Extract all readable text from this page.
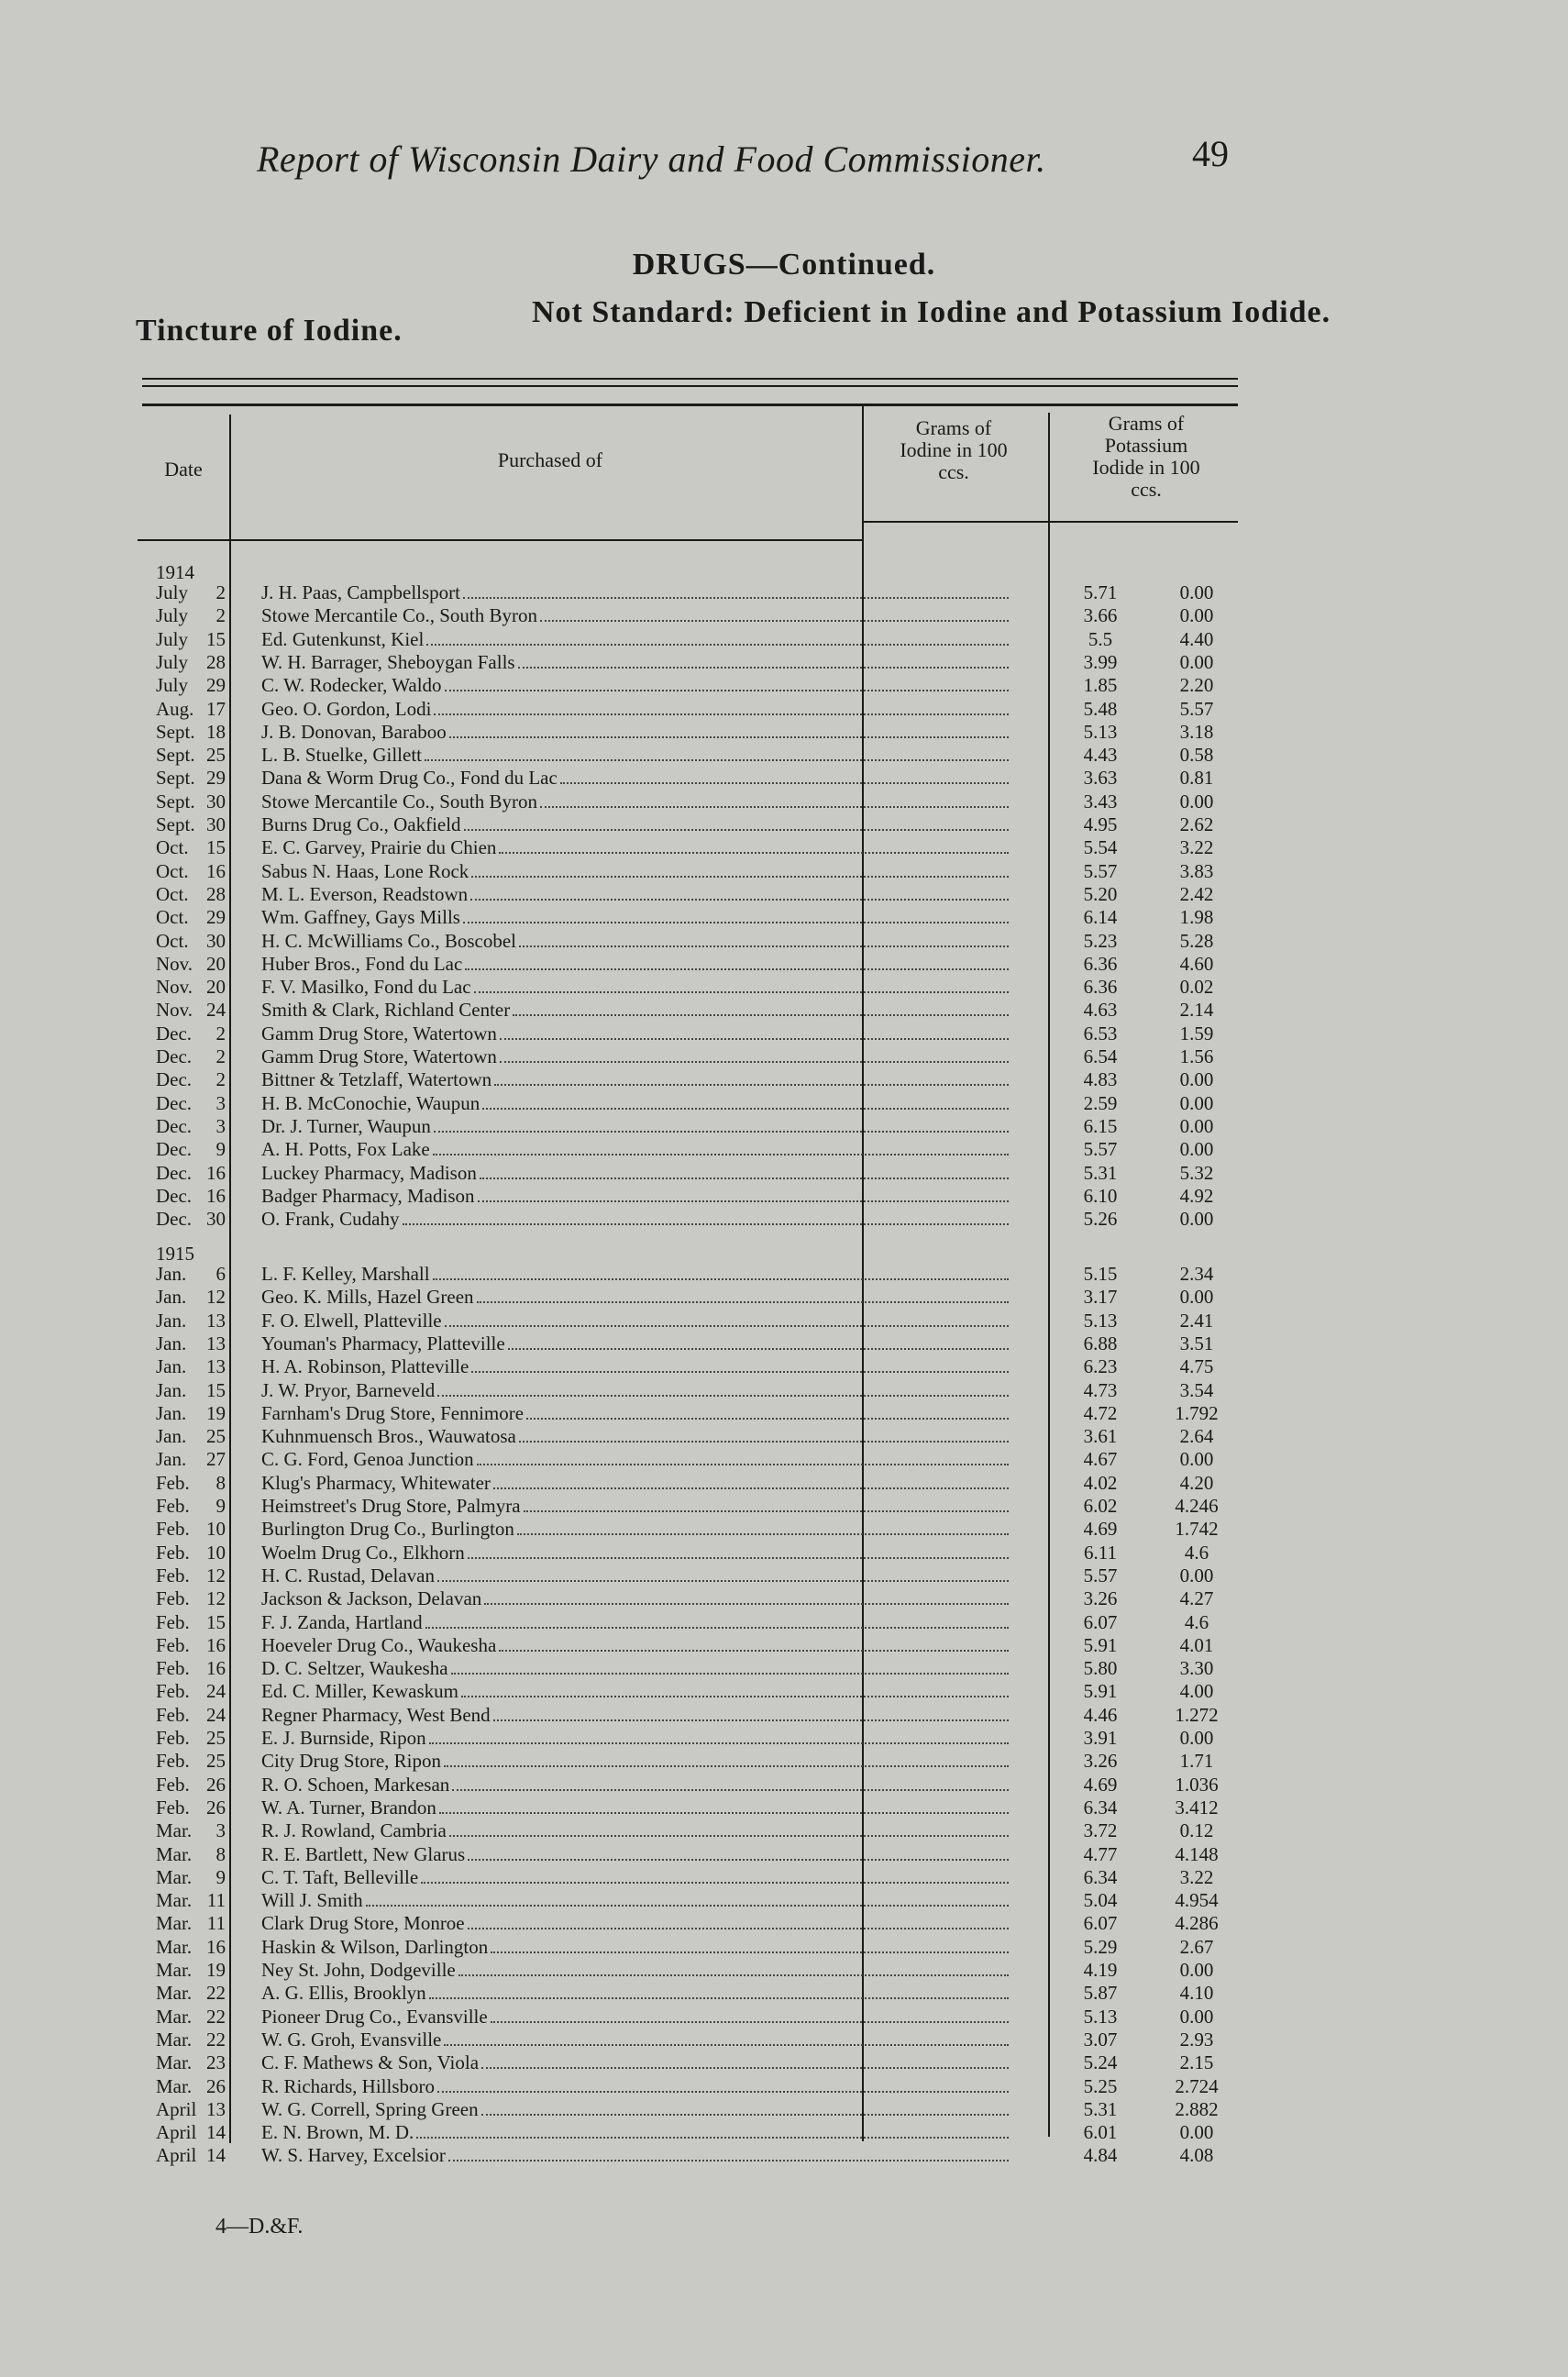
Report of Wisconsin Dairy and Food Commissioner.	49
DRUGS—Continued.
Tincture of Iodine.
Not Standard: Deficient in Iodine and Potassium Iodide.
Date	Purchased of
Grams of Iodine in 100 ccs.
Grams of Potassium Iodide in 100 ccs.
1914
July 2 J. H. Paas, Campbellsport	5.71	0.00
July 2 Stowe Mercantile Co., South Byron	3.66	0.00
July 15 Ed. Gutenkunst, Kiel	5.5	4.40
July 28 W. H. Barrager, Sheboygan Falls	3.99	0.00
July 29 C. W. Rodecker, Waldo	1.85	2.20
Aug. 17 Geo. O. Gordon, Lodi	5.48	5.57
Sept. 18 J. B. Donovan, Baraboo	5.13	3.18
Sept. 25 L. B. Stuelke, Gillett	4.43	0.58
Sept. 29 Dana & Worm Drug Co., Fond du Lac	3.63	0.81
Sept. 30 Stowe Mercantile Co., South Byron	3.43	0.00
Sept. 30 Burns Drug Co., Oakfield	4.95	2.62
Oct. 15 E. C. Garvey, Prairie du Chien	5.54	3.22
Oct. 16 Sabus N. Haas, Lone Rock	5.57	3.83
Oct. 28 M. L. Everson, Readstown	5.20	2.42
Oct. 29 Wm. Gaffney, Gays Mills	6.14	1.98
Oct. 30 H. C. McWilliams Co., Boscobel	5.23	5.28
Nov. 20 Huber Bros., Fond du Lac	6.36	4.60
Nov. 20 F. V. Masilko, Fond du Lac	6.36	0.02
Nov. 24 Smith & Clark, Richland Center	4.63	2.14
Dec. 2 Gamm Drug Store, Watertown	6.53	1.59
Dec. 2 Gamm Drug Store, Watertown	6.54	1.56
Dec. 2 Bittner & Tetzlaff, Watertown	4.83	0.00
Dec. 3 H. B. McConochie, Waupun	2.59	0.00
Dec. 3 Dr. J. Turner, Waupun	6.15	0.00
Dec. 9 A. H. Potts, Fox Lake	5.57	0.00
Dec. 16 Luckey Pharmacy, Madison	5.31	5.32
Dec. 16 Badger Pharmacy, Madison	6.10	4.92
Dec. 30 O. Frank, Cudahy	5.26	0.00
1915
Jan. 6 L. F. Kelley, Marshall	5.15	2.34
Jan. 12 Geo. K. Mills, Hazel Green	3.17	0.00
Jan. 13 F. O. Elwell, Platteville	5.13	2.41
Jan. 13 Youman's Pharmacy, Platteville	6.88	3.51
Jan. 13 H. A. Robinson, Platteville	6.23	4.75
Jan. 15 J. W. Pryor, Barneveld	4.73	3.54
Jan. 19 Farnham's Drug Store, Fennimore	4.72	1.792
Jan. 25 Kuhnmuensch Bros., Wauwatosa	3.61	2.64
Jan. 27 C. G. Ford, Genoa Junction	4.67	0.00
Feb. 8 Klug's Pharmacy, Whitewater	4.02	4.20
Feb. 9 Heimstreet's Drug Store, Palmyra	6.02	4.246
Feb. 10 Burlington Drug Co., Burlington	4.69	1.742
Feb. 10 Woelm Drug Co., Elkhorn	6.11	4.6
Feb. 12 H. C. Rustad, Delavan	5.57	0.00
Feb. 12 Jackson & Jackson, Delavan	3.26	4.27
Feb. 15 F. J. Zanda, Hartland	6.07	4.6
Feb. 16 Hoeveler Drug Co., Waukesha	5.91	4.01
Feb. 16 D. C. Seltzer, Waukesha	5.80	3.30
Feb. 24 Ed. C. Miller, Kewaskum	5.91	4.00
Feb. 24 Regner Pharmacy, West Bend	4.46	1.272
Feb. 25 E. J. Burnside, Ripon	3.91	0.00
Feb. 25 City Drug Store, Ripon	3.26	1.71
Feb. 26 R. O. Schoen, Markesan	4.69	1.036
Feb. 26 W. A. Turner, Brandon	6.34	3.412
Mar. 3 R. J. Rowland, Cambria	3.72	0.12
Mar. 8 R. E. Bartlett, New Glarus	4.77	4.148
Mar. 9 C. T. Taft, Belleville	6.34	3.22
Mar. 11 Will J. Smith	5.04	4.954
Mar. 11 Clark Drug Store, Monroe	6.07	4.286
Mar. 16 Haskin & Wilson, Darlington	5.29	2.67
Mar. 19 Ney St. John, Dodgeville	4.19	0.00
Mar. 22 A. G. Ellis, Brooklyn	5.87	4.10
Mar. 22 Pioneer Drug Co., Evansville	5.13	0.00
Mar. 22 W. G. Groh, Evansville	3.07	2.93
Mar. 23 C. F. Mathews & Son, Viola	5.24	2.15
Mar. 26 R. Richards, Hillsboro	5.25	2.724
April 13 W. G. Correll, Spring Green	5.31	2.882
April 14 E. N. Brown, M. D.	6.01	0.00
April 14 W. S. Harvey, Excelsior	4.84	4.08
4—D.&F.
